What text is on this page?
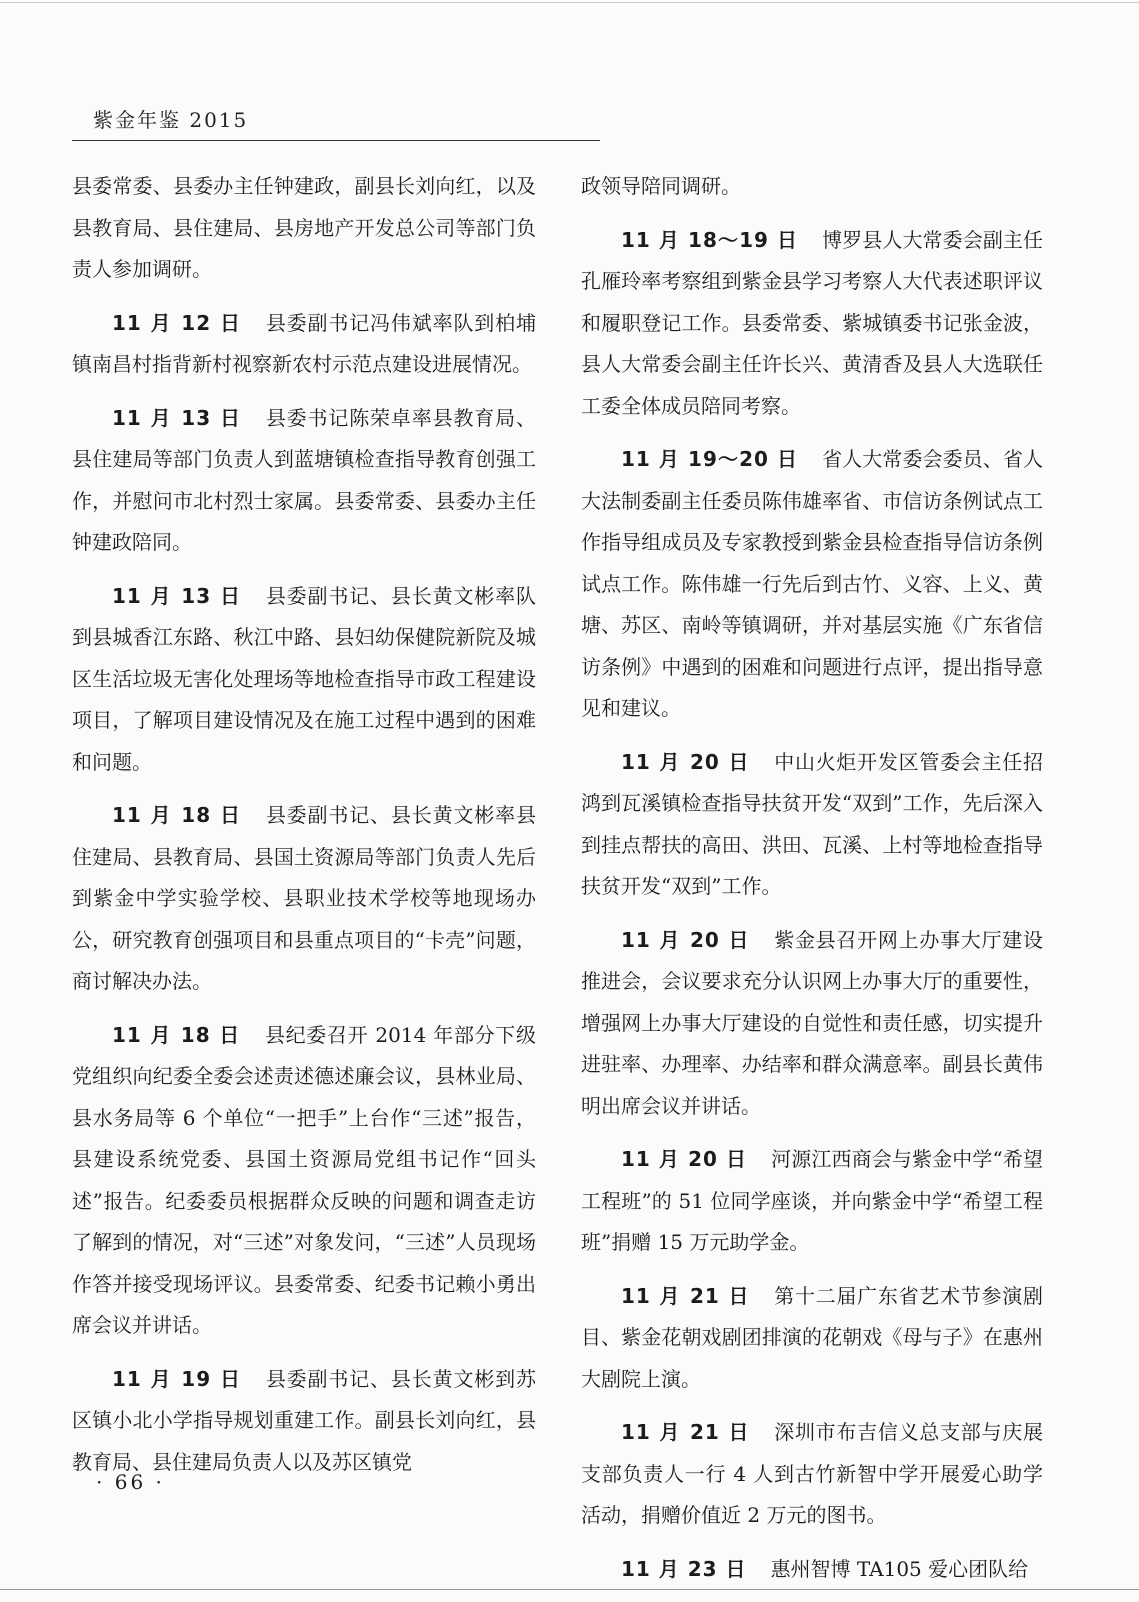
紫金年鉴 2015

县委常委、县委办主任钟建政，副县长刘向红，以及县教育局、县住建局、县房地产开发总公司等部门负责人参加调研。

11 月 12 日 县委副书记冯伟斌率队到柏埔镇南昌村指背新村视察新农村示范点建设进展情况。

11 月 13 日 县委书记陈荣卓率县教育局、县住建局等部门负责人到蓝塘镇检查指导教育创强工作，并慰问市北村烈士家属。县委常委、县委办主任钟建政陪同。

11 月 13 日 县委副书记、县长黄文彬率队到县城香江东路、秋江中路、县妇幼保健院新院及城区生活垃圾无害化处理场等地检查指导市政工程建设项目，了解项目建设情况及在施工过程中遇到的困难和问题。

11 月 18 日 县委副书记、县长黄文彬率县住建局、县教育局、县国土资源局等部门负责人先后到紫金中学实验学校、县职业技术学校等地现场办公，研究教育创强项目和县重点项目的“卡壳”问题，商讨解决办法。

11 月 18 日 县纪委召开 2014 年部分下级党组织向纪委全委会述责述德述廉会议，县林业局、县水务局等 6 个单位“一把手”上台作“三述”报告，县建设系统党委、县国土资源局党组书记作“回头述”报告。纪委委员根据群众反映的问题和调查走访了解到的情况，对“三述”对象发问，“三述”人员现场作答并接受现场评议。县委常委、纪委书记赖小勇出席会议并讲话。

11 月 19 日 县委副书记、县长黄文彬到苏区镇小北小学指导规划重建工作。副县长刘向红，县教育局、县住建局负责人以及苏区镇党

政领导陪同调研。

11 月 18～19 日 博罗县人大常委会副主任孔雁玲率考察组到紫金县学习考察人大代表述职评议和履职登记工作。县委常委、紫城镇委书记张金波，县人大常委会副主任许长兴、黄清香及县人大选联任工委全体成员陪同考察。

11 月 19～20 日 省人大常委会委员、省人大法制委副主任委员陈伟雄率省、市信访条例试点工作指导组成员及专家教授到紫金县检查指导信访条例试点工作。陈伟雄一行先后到古竹、义容、上义、黄塘、苏区、南岭等镇调研，并对基层实施《广东省信访条例》中遇到的困难和问题进行点评，提出指导意见和建议。

11 月 20 日 中山火炬开发区管委会主任招鸿到瓦溪镇检查指导扶贫开发“双到”工作，先后深入到挂点帮扶的高田、洪田、瓦溪、上村等地检查指导扶贫开发“双到”工作。

11 月 20 日 紫金县召开网上办事大厅建设推进会，会议要求充分认识网上办事大厅的重要性，增强网上办事大厅建设的自觉性和责任感，切实提升进驻率、办理率、办结率和群众满意率。副县长黄伟明出席会议并讲话。

11 月 20 日 河源江西商会与紫金中学“希望工程班”的 51 位同学座谈，并向紫金中学“希望工程班”捐赠 15 万元助学金。

11 月 21 日 第十二届广东省艺术节参演剧目、紫金花朝戏剧团排演的花朝戏《母与子》在惠州大剧院上演。

11 月 21 日 深圳市布吉信义总支部与庆展支部负责人一行 4 人到古竹新智中学开展爱心助学活动，捐赠价值近 2 万元的图书。

11 月 23 日 惠州智博 TA105 爱心团队给

· 66 ·
